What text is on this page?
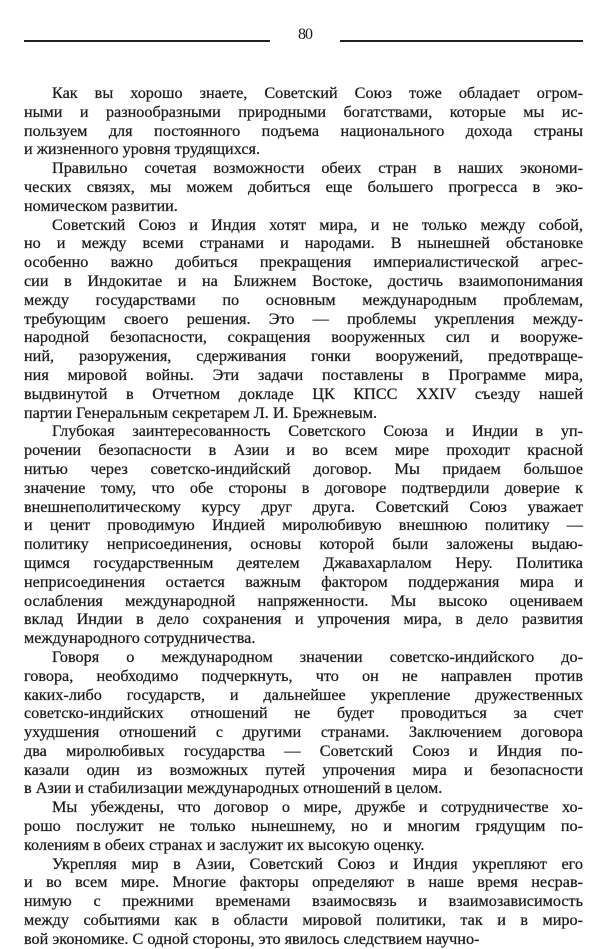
80
Как вы хорошо знаете, Советский Союз тоже обладает огром-
ными и разнообразными природными богатствами, которые мы ис-
пользуем для постоянного подъема национального дохода страны
и жизненного уровня трудящихся.
Правильно сочетая возможности обеих стран в наших экономи-
ческих связях, мы можем добиться еще большего прогресса в эко-
номическом развитии.
Советский Союз и Индия хотят мира, и не только между собой,
но и между всеми странами и народами. В нынешней обстановке
особенно важно добиться прекращения империалистической агрес-
сии в Индокитае и на Ближнем Востоке, достичь взаимопонимания
между государствами по основным международным проблемам,
требующим своего решения. Это — проблемы укрепления между-
народной безопасности, сокращения вооруженных сил и вооруже-
ний, разоружения, сдерживания гонки вооружений, предотвраще-
ния мировой войны. Эти задачи поставлены в Программе мира,
выдвинутой в Отчетном докладе ЦК КПСС XXIV съезду нашей
партии Генеральным секретарем Л. И. Брежневым.
Глубокая заинтересованность Советского Союза и Индии в уп-
рочении безопасности в Азии и во всем мире проходит красной
нитью через советско-индийский договор. Мы придаем большое
значение тому, что обе стороны в договоре подтвердили доверие к
внешнеполитическому курсу друг друга. Советский Союз уважает
и ценит проводимую Индией миролюбивую внешнюю политику —
политику неприсоединения, основы которой были заложены выдаю-
щимся государственным деятелем Джавахарлалом Неру. Политика
неприсоединения остается важным фактором поддержания мира и
ослабления международной напряженности. Мы высоко оцениваем
вклад Индии в дело сохранения и упрочения мира, в дело развития
международного сотрудничества.
Говоря о международном значении советско-индийского до-
говора, необходимо подчеркнуть, что он не направлен против
каких-либо государств, и дальнейшее укрепление дружественных
советско-индийских отношений не будет проводиться за счет
ухудшения отношений с другими странами. Заключением договора
два миролюбивых государства — Советский Союз и Индия по-
казали один из возможных путей упрочения мира и безопасности
в Азии и стабилизации международных отношений в целом.
Мы убеждены, что договор о мире, дружбе и сотрудничестве хо-
рошо послужит не только нынешнему, но и многим грядущим по-
колениям в обеих странах и заслужит их высокую оценку.
Укрепляя мир в Азии, Советский Союз и Индия укрепляют его
и во всем мире. Многие факторы определяют в наше время несрав-
нимую с прежними временами взаимосвязь и взаимозависимость
между событиями как в области мировой политики, так и в миро-
вой экономике. С одной стороны, это явилось следствием научно-
